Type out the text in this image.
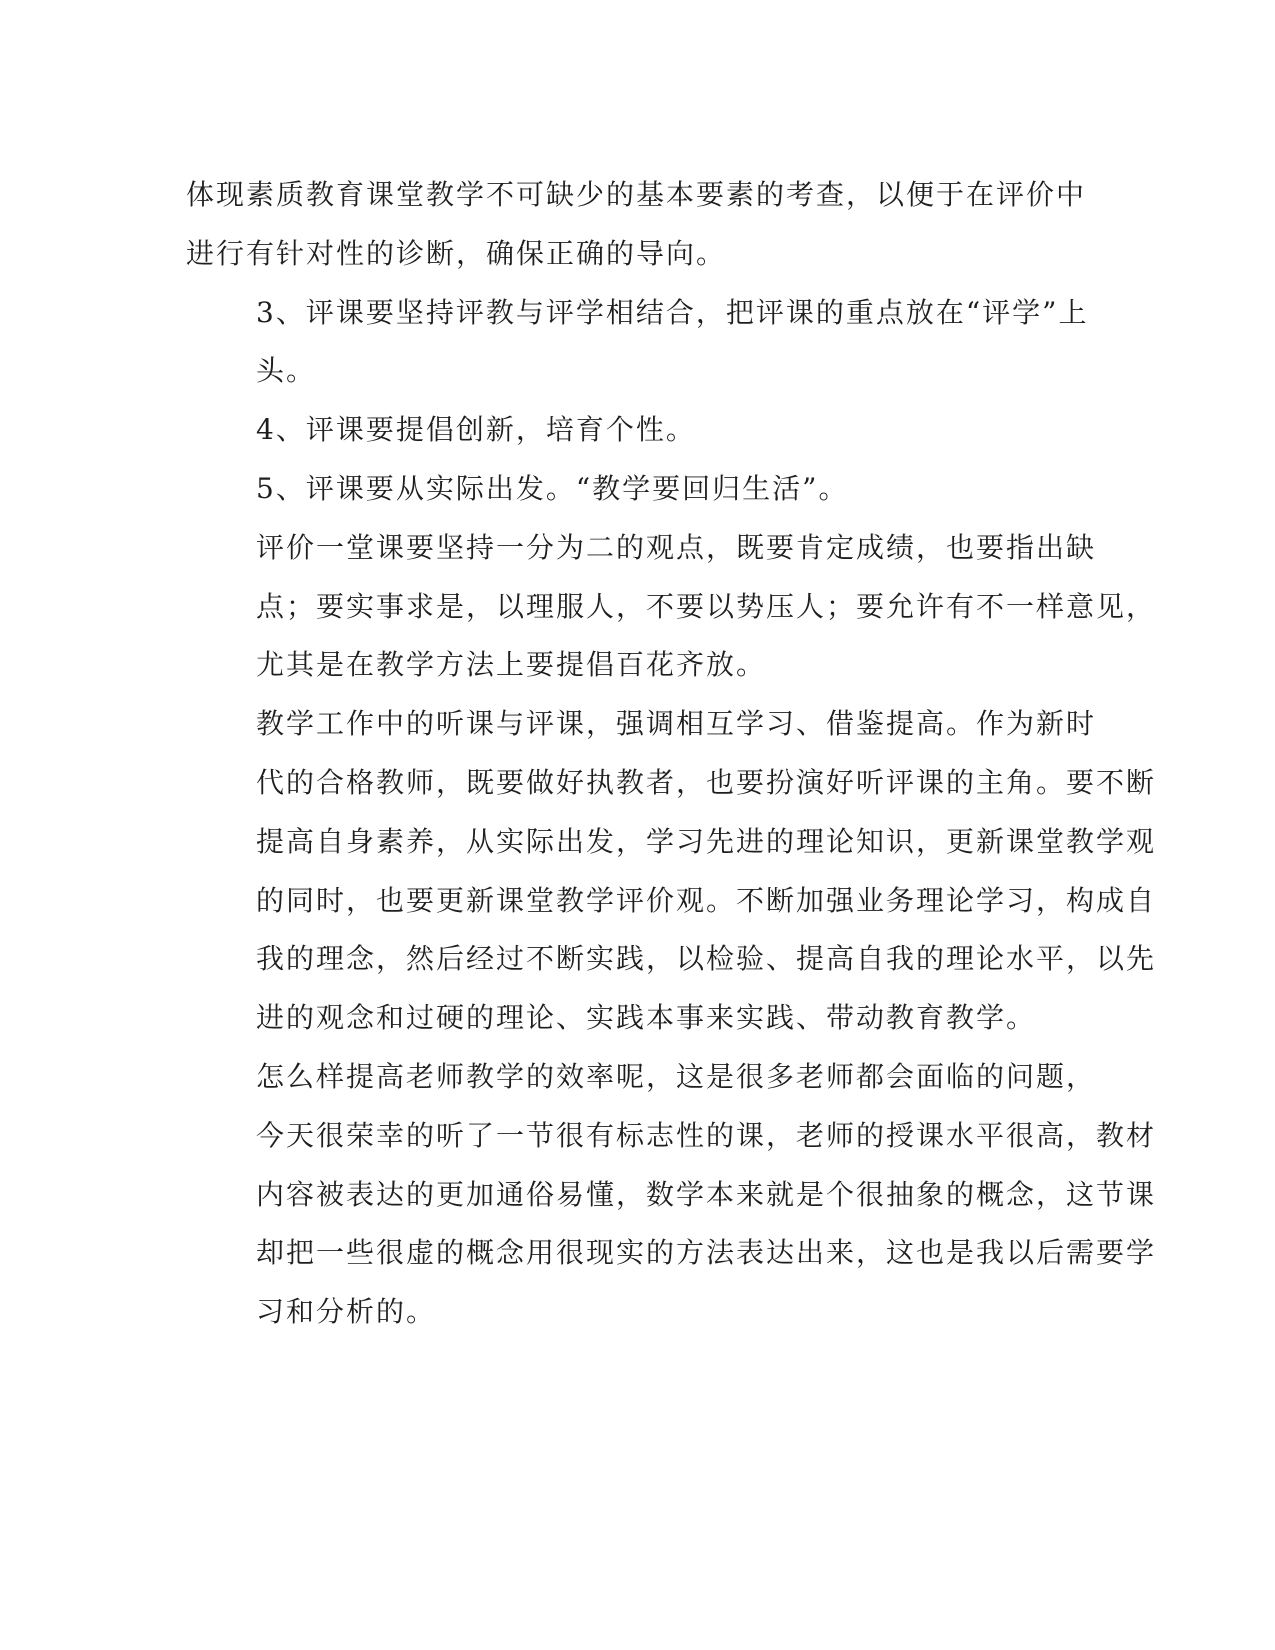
体现素质教育课堂教学不可缺少的基本要素的考查，以便于在评价中
进行有针对性的诊断，确保正确的导向。
3、评课要坚持评教与评学相结合，把评课的重点放在“评学”上
头。
4、评课要提倡创新，培育个性。
5、评课要从实际出发。“教学要回归生活”。
评价一堂课要坚持一分为二的观点，既要肯定成绩，也要指出缺
点；要实事求是，以理服人，不要以势压人；要允许有不一样意见，
尤其是在教学方法上要提倡百花齐放。
教学工作中的听课与评课，强调相互学习、借鉴提高。作为新时
代的合格教师，既要做好执教者，也要扮演好听评课的主角。要不断
提高自身素养，从实际出发，学习先进的理论知识，更新课堂教学观
的同时，也要更新课堂教学评价观。不断加强业务理论学习，构成自
我的理念，然后经过不断实践，以检验、提高自我的理论水平，以先
进的观念和过硬的理论、实践本事来实践、带动教育教学。
怎么样提高老师教学的效率呢，这是很多老师都会面临的问题，
今天很荣幸的听了一节很有标志性的课，老师的授课水平很高，教材
内容被表达的更加通俗易懂，数学本来就是个很抽象的概念，这节课
却把一些很虚的概念用很现实的方法表达出来，这也是我以后需要学
习和分析的。
